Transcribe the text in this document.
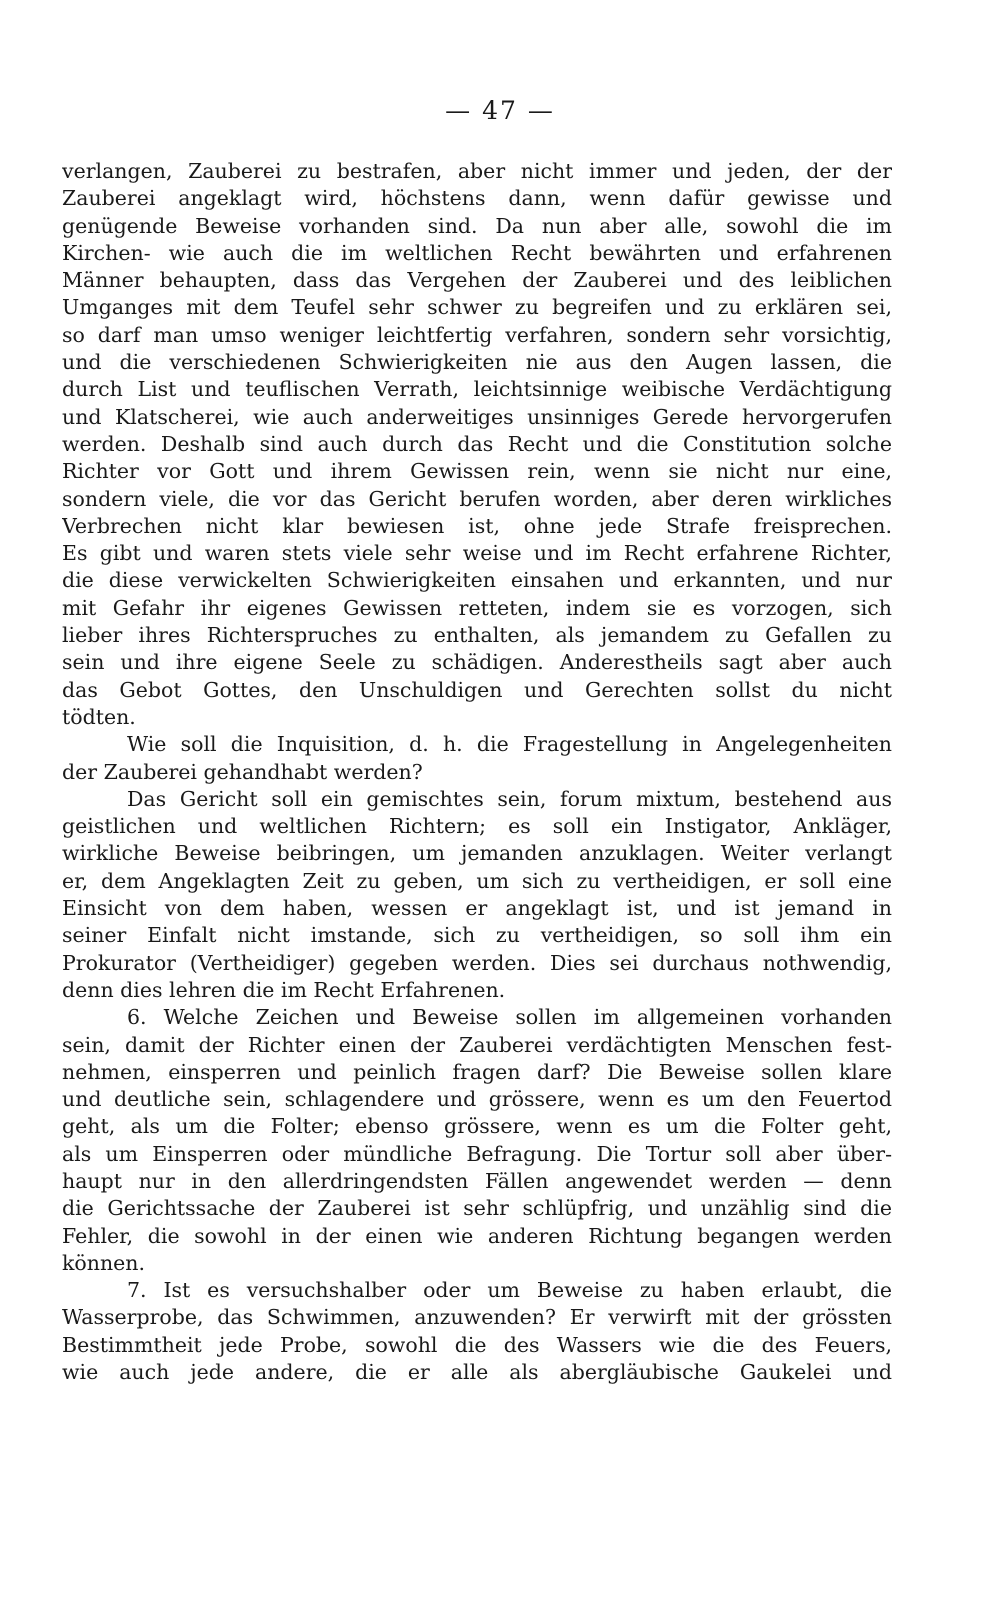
— 47 —
verlangen, Zauberei zu bestrafen, aber nicht immer und jeden, der der
Zauberei angeklagt wird, höchstens dann, wenn dafür gewisse und
genügende Beweise vorhanden sind. Da nun aber alle, sowohl die im
Kirchen- wie auch die im weltlichen Recht bewährten und erfahrenen
Männer behaupten, dass das Vergehen der Zauberei und des leiblichen
Umganges mit dem Teufel sehr schwer zu begreifen und zu erklären sei,
so darf man umso weniger leichtfertig verfahren, sondern sehr vorsichtig,
und die verschiedenen Schwierigkeiten nie aus den Augen lassen, die
durch List und teuflischen Verrath, leichtsinnige weibische Verdächtigung
und Klatscherei, wie auch anderweitiges unsinniges Gerede hervorgerufen
werden. Deshalb sind auch durch das Recht und die Constitution solche
Richter vor Gott und ihrem Gewissen rein, wenn sie nicht nur eine,
sondern viele, die vor das Gericht berufen worden, aber deren wirkliches
Verbrechen nicht klar bewiesen ist, ohne jede Strafe freisprechen.
Es gibt und waren stets viele sehr weise und im Recht erfahrene Richter,
die diese verwickelten Schwierigkeiten einsahen und erkannten, und nur
mit Gefahr ihr eigenes Gewissen retteten, indem sie es vorzogen, sich
lieber ihres Richterspruches zu enthalten, als jemandem zu Gefallen zu
sein und ihre eigene Seele zu schädigen. Anderestheils sagt aber auch
das Gebot Gottes, den Unschuldigen und Gerechten sollst du nicht
tödten.
Wie soll die Inquisition, d. h. die Fragestellung in Angelegenheiten
der Zauberei gehandhabt werden?
Das Gericht soll ein gemischtes sein, forum mixtum, bestehend aus
geistlichen und weltlichen Richtern; es soll ein Instigator, Ankläger,
wirkliche Beweise beibringen, um jemanden anzuklagen. Weiter verlangt
er, dem Angeklagten Zeit zu geben, um sich zu vertheidigen, er soll eine
Einsicht von dem haben, wessen er angeklagt ist, und ist jemand in
seiner Einfalt nicht imstande, sich zu vertheidigen, so soll ihm ein
Prokurator (Vertheidiger) gegeben werden. Dies sei durchaus nothwendig,
denn dies lehren die im Recht Erfahrenen.
6. Welche Zeichen und Beweise sollen im allgemeinen vorhanden
sein, damit der Richter einen der Zauberei verdächtigten Menschen fest-
nehmen, einsperren und peinlich fragen darf? Die Beweise sollen klare
und deutliche sein, schlagendere und grössere, wenn es um den Feuertod
geht, als um die Folter; ebenso grössere, wenn es um die Folter geht,
als um Einsperren oder mündliche Befragung. Die Tortur soll aber über-
haupt nur in den allerdringendsten Fällen angewendet werden — denn
die Gerichtssache der Zauberei ist sehr schlüpfrig, und unzählig sind die
Fehler, die sowohl in der einen wie anderen Richtung begangen werden
können.
7. Ist es versuchshalber oder um Beweise zu haben erlaubt, die
Wasserprobe, das Schwimmen, anzuwenden? Er verwirft mit der grössten
Bestimmtheit jede Probe, sowohl die des Wassers wie die des Feuers,
wie auch jede andere, die er alle als abergläubische Gaukelei und
